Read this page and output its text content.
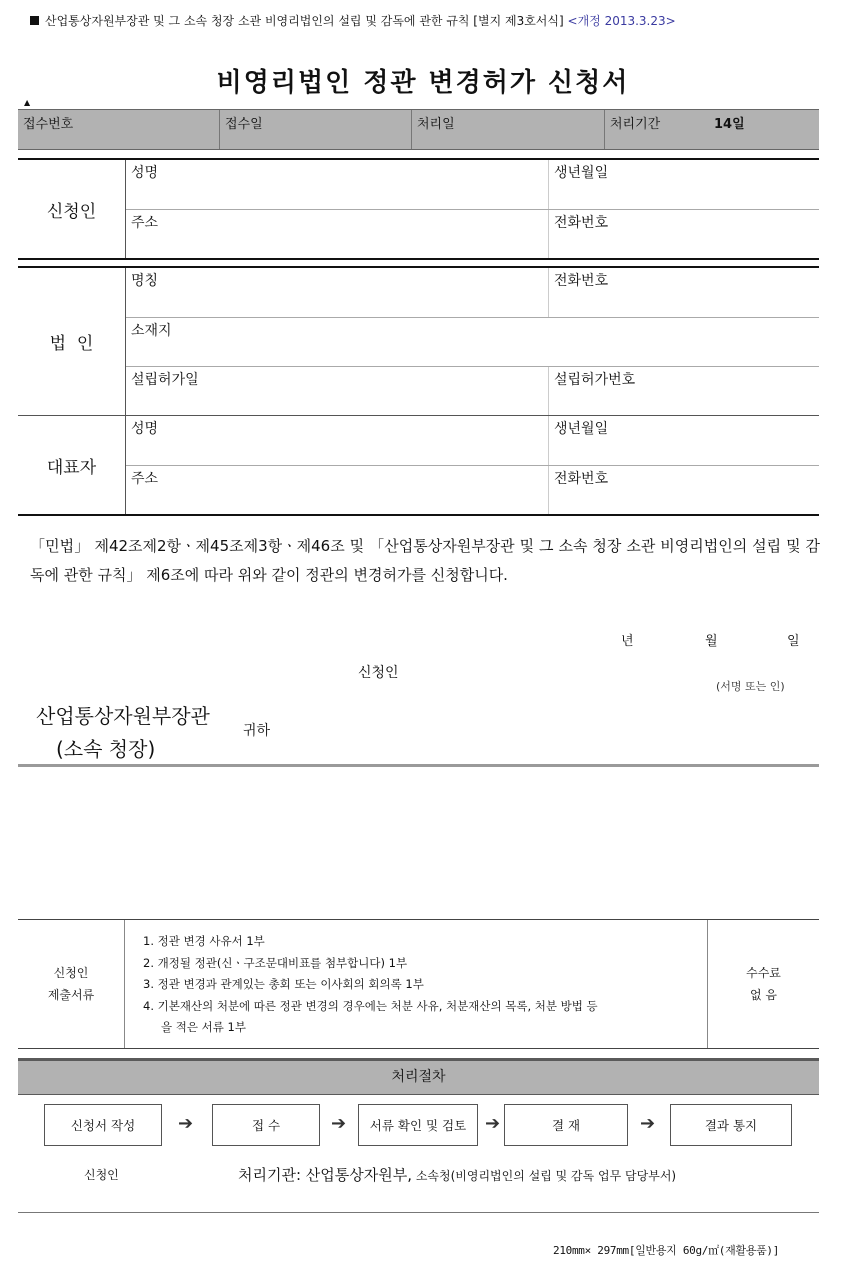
산업통상자원부장관 및 그 소속 청장 소관 비영리법인의 설립 및 감독에 관한 규칙 [별지 제3호서식] <개정 2013.3.23>
비영리법인 정관 변경허가 신청서
▲
접수번호	접수일	처리일	처리기간	14일
신청인
성명	생년월일
주소	전화번호
법  인
명칭	전화번호
소재지
설립허가일	설립허가번호
대표자
성명	생년월일
주소	전화번호
「민법」 제42조제2항ㆍ제45조제3항ㆍ제46조 및 「산업통상자원부장관 및 그 소속 청장 소관 비영리법인의 설립 및 감독에 관한 규칙」 제6조에 따라 위와 같이 정관의 변경허가를 신청합니다.
년	월	일
신청인
(서명 또는 인)
산업통상자원부장관
(소속 청장)
귀하
신청인
제출서류
1. 정관 변경 사유서 1부
2. 개정될 정관(신ㆍ구조문대비표를 첨부합니다) 1부
3. 정관 변경과 관계있는 총회 또는 이사회의 회의록 1부
4. 기본재산의 처분에 따른 정관 변경의 경우에는 처분 사유, 처분재산의 목록, 처분 방법 등
을 적은 서류 1부
수수료
없 음
처리절차
신청서 작성	➔	접 수	➔	서류 확인 및 검토	➔	결 재	➔	결과 통지
신청인	처리기관: 산업통상자원부, 소속청(비영리법인의 설립 및 감독 업무 담당부서)
210mm× 297mm[일반용지 60g/㎡(재활용품)]
